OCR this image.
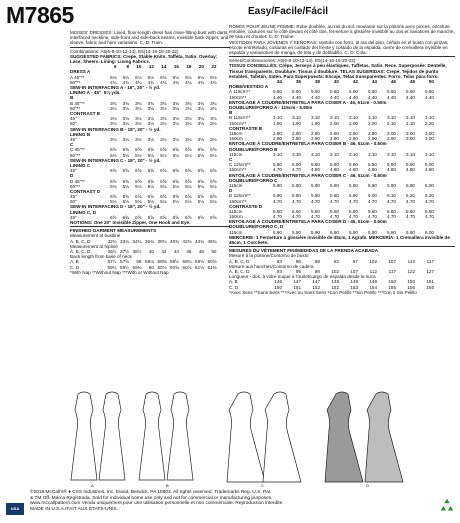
M7865	Easy/Facile/Fácil
MISSES' DRESSES: Lined, floor-length dress has close-fitting bust with darts, interfaced neckline, side-front and side-back seams, invisible back zipper, and sleeve, fabric and hem variations. C, D: Train.
Combinations: A5(6-8-10-12-14), E5(14-16-18-20-22)
SUGGESTED FABRICS: Crepe, Stable Knits, Taffeta, Satin. Overlay: Lace, Sheers. Lining: Lining Fabrics.
6	8	10	12	14	16	18	20	22
DRESS A
A 45"**	6⅛	6⅛	6⅛	6⅛	6⅛	6⅛	6⅛	6⅛	6⅛
60"**	4¾	4¾	4¾	4¾	4¾	4¾	4¾	4¾	4¾
SEW-IN INTERFACING A - 18", 20" - ½ yd.
LINING A - 45"  5⅛ yds.
B
B 45"**	3¾	3¾	3¾	3¾	3¾	3¾	3¾	3¾	3¾
60"**	3⅛	3⅛	3⅛	3⅛	3⅛	3⅛	3⅛	3⅛	3⅛
CONTRAST B
45"	3⅛	3⅛	3⅛	3⅛	3⅛	3⅛	3⅛	3⅛	3⅛
60"	3⅛	3⅛	3⅛	3⅛	3⅛	3⅛	3⅛	3⅛	3⅛
SEW-IN INTERFACING B - 18", 20" - ½ yd.
LINING B
45"	3⅛	3⅛	3⅛	3⅛	3⅛	3⅛	3⅛	3⅛	3⅛
C
C 45"**	6⅝	6⅝	6⅝	6⅝	6⅝	6⅝	6⅝	6⅝	6⅝
60"**	5⅛	5⅛	5⅛	5⅛	5⅛	5⅛	5⅛	5⅛	5⅛
SEW-IN INTERFACING C - 18", 20" - ½ yd.
LINING C
45"	6⅝	6⅝	6⅝	6⅝	6⅝	6⅝	6⅝	6⅝	6⅝
D
D 45"**	6⅝	6⅝	6⅝	6⅝	6⅝	6⅝	6⅝	6⅝	6⅝
60"**	5⅛	5⅛	5⅛	5⅛	5⅛	5⅛	5⅛	5⅛	5⅛
CONTRAST D
45"	6⅝	6⅝	6⅝	6⅝	6⅝	6⅝	6⅝	6⅝	6⅝
60"	5⅛	5⅛	5⅛	5⅛	5⅛	5⅛	5⅛	5⅛	5⅛
SEW-IN INTERFACING D - 18", 20" - ½ yd.
LINING C, D
45"	6⅝	6⅝	6⅝	6⅝	6⅝	6⅝	6⅝	6⅝	6⅝
NOTIONS: One 20" Invisible Zipper, One Hook and Eye.
FINISHED GARMENT MEASUREMENTS
Measurement at bustline
A, B, C, D	32¾ 33¾ 34¾ 36¾ 38¾ 40¾ 42¾ 44¾ 46¾
Measurement at hipline
A, B, C, D	36½ 37½ 38½	40	42	44	46	48	50
Back length from base of neck
A, B	57½ 57⅝	58 58⅛ 58⅜ 58½ 58¾ 59⅛ 59⅝
C, D	59¼ 59½ 59¾	60 60⅛ 60⅝ 60⅞ 61⅛ 61⅜
*With Nap **Without Nap ***With or Without Nap
ROBES POUR JEUNE FEMME: Robe doublée, au ras du sol, moulante sur la poitrine avec pinces, encolure entoilée, coutures sur le côté devant et côté dos, fermeture à glissière invisible au dos et variations de manche, de tissu et d'ourlet. C, D: Traîne.
VESTIDOS PARA JÓVENES Y SEÑORAS: Vestido con forro, al ras del piso, ceñido en el busto con pinzas, escote entretelado, costuras en costado del frente y costado de la espalda, cierre de cremallera invisible en espalda y variaciones de manga, de tela y de dobladillo. C, D: Cola.
Séries/Combinaciones: A5(6-8-10-12-14), E5(14-16-18-20-22)
TISSUS CONSEILLÉS: Crêpe, Jerseys à peu élastiques, Taffetas, Satin. Rece. Superposée: Dentelle, Tissus transparents. Doublure: Tissus à doublure. TELAS SUGERIDAS: Crepé, Tejidos de punto estables, Tafetán, Satén. Para Superpuesta: Encaje, Telas transparentes. Forro: Telas para forro.
34	36	38	40	42	44	46	48	50
ROBE/VESTIDO A
A 115cm**	5.60	5.60	5.60	5.60	5.60	5.60	5.60	5.60	5.60
150cm**	4.40	4.40	4.40	4.40	4.40	4.40	4.40	4.40	4.40
ENTOILAGE À COUDRE/ENTRETELA PARA COSER A - 46, 51cm - 0.50m
DOUBLURE/FORRO A - 115cm - 5.60m
B
B 115cm**	3.10	3.10	3.10	3.10	3.10	3.10	3.10	3.10	3.10
150cm**	1.90	1.90	1.90	2.00	2.00	2.00	2.10	2.10	2.20
CONTRASTE B
115cm	2.90	2.90	2.90	2.90	2.90	2.90	3.00	3.00	3.00
150cm	2.90	2.90	2.90	2.90	2.90	2.90	2.90	3.00	3.00
ENTOILAGE À COUDRE/ENTRETELA PARA COSER B - 46, 51cm - 0.50m
DOUBLURE/FORRO B
115cm	3.10	3.10	3.10	3.10	3.10	3.10	3.10	3.10	3.10
C
C 115cm**	5.90	5.90	5.90	5.90	5.90	5.90	5.90	5.90	6.00
150cm**	4.70	4.70	4.80	4.80	4.80	4.80	4.80	4.80	4.80
ENTOILAGE À COUDRE/ENTRETELA PARA COSER C - 46, 51cm - 0.50m
DOUBLURE/FORRO C
115cm	5.90	5.90	5.90	5.90	5.90	5.90	5.90	5.90	6.00
D
D 115cm**	5.80	5.80	5.80	5.90	5.90	6.00	6.10	6.20	6.20
150cm**	4.70	4.70	4.70	4.70	4.70	4.70	4.70	4.70	4.70
CONTRASTE D
115cm	5.60	5.60	5.60	5.60	5.60	5.60	5.60	5.60	5.60
150cm	4.70	4.70	4.70	4.70	4.70	4.70	4.70	4.70	4.70
ENTOILAGE À COUDRE/ENTRETELA PARA COSER D - 46, 51cm - 0.50m
DOUBLURE/FORRO C, D
115cm	5.90	5.90	5.90	5.90	5.90	5.90	5.90	5.90	6.00
MERCERIE: 1 Fermeture à glissière invisible de 45cm, 1 Agrafe. MERCERÍA: 1 Cremallera invisible de 45cm, 1 Corchete.
MESURES DU VÊTEMENT FINI/MEDIDAS DE LA PRENDA ACABADA
Mesure à la poitrine/Contorno de busto
A, B, C, D	83	86	88	92	97	102	107	112	117
Mesure aux hanches/Contorno de cadera
A, B, C, D	93	95	98	102	107	112	117	122	127
Longueur - dos, à votre nuque à l'ourlet/Largo de espalda desde la nuca
A, B	146	147	147	148	149	149	150	150	151
C, D	150	151	152	152	153	154	155	156	156
*Avec Sens **Sans Sens ***Avec ou Sans Sens *Con Pelillo **Sin Pelillo ***Con o Sin Pelillo
A	B	C	D
USA
©2018 McCall's® ♦ CSS Industries, Inc. brand, Berwick, PA 18603. All rights reserved. Trademarks Reg. U.S. Pat.
& TM Off. Marca Registrada. Sold for individual home use only and not for commercial or manufacturing purposes.
www.mccallpattern.com Vendu uniquement pour une utilisation personnelle et non commerciale. Reproduction interdite.
MADE IN U.S.A./FAIT AUX ÉTATS-UNIS.
